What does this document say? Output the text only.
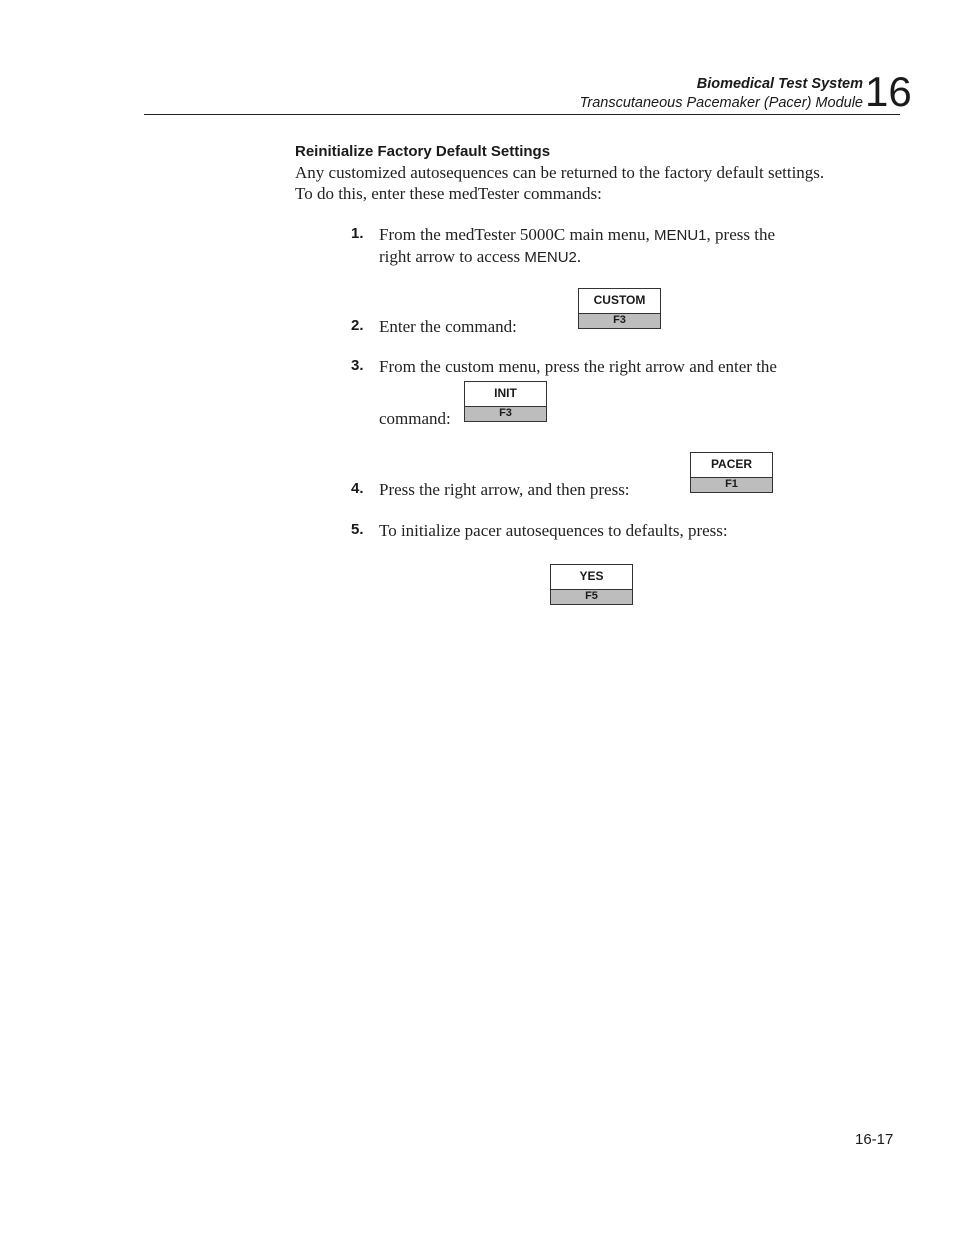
Biomedical Test System
Transcutaneous Pacemaker (Pacer) Module 16
Reinitialize Factory Default Settings
Any customized autosequences can be returned to the factory default settings.
To do this, enter these medTester commands:
1. From the medTester 5000C main menu, MENU1, press the
right arrow to access MENU2.
2. Enter the command:
CUSTOM
F3
3. From the custom menu, press the right arrow and enter the
command:
INIT
F3
4. Press the right arrow, and then press:
PACER
F1
5. To initialize pacer autosequences to defaults, press:
YES
F5
16-17
